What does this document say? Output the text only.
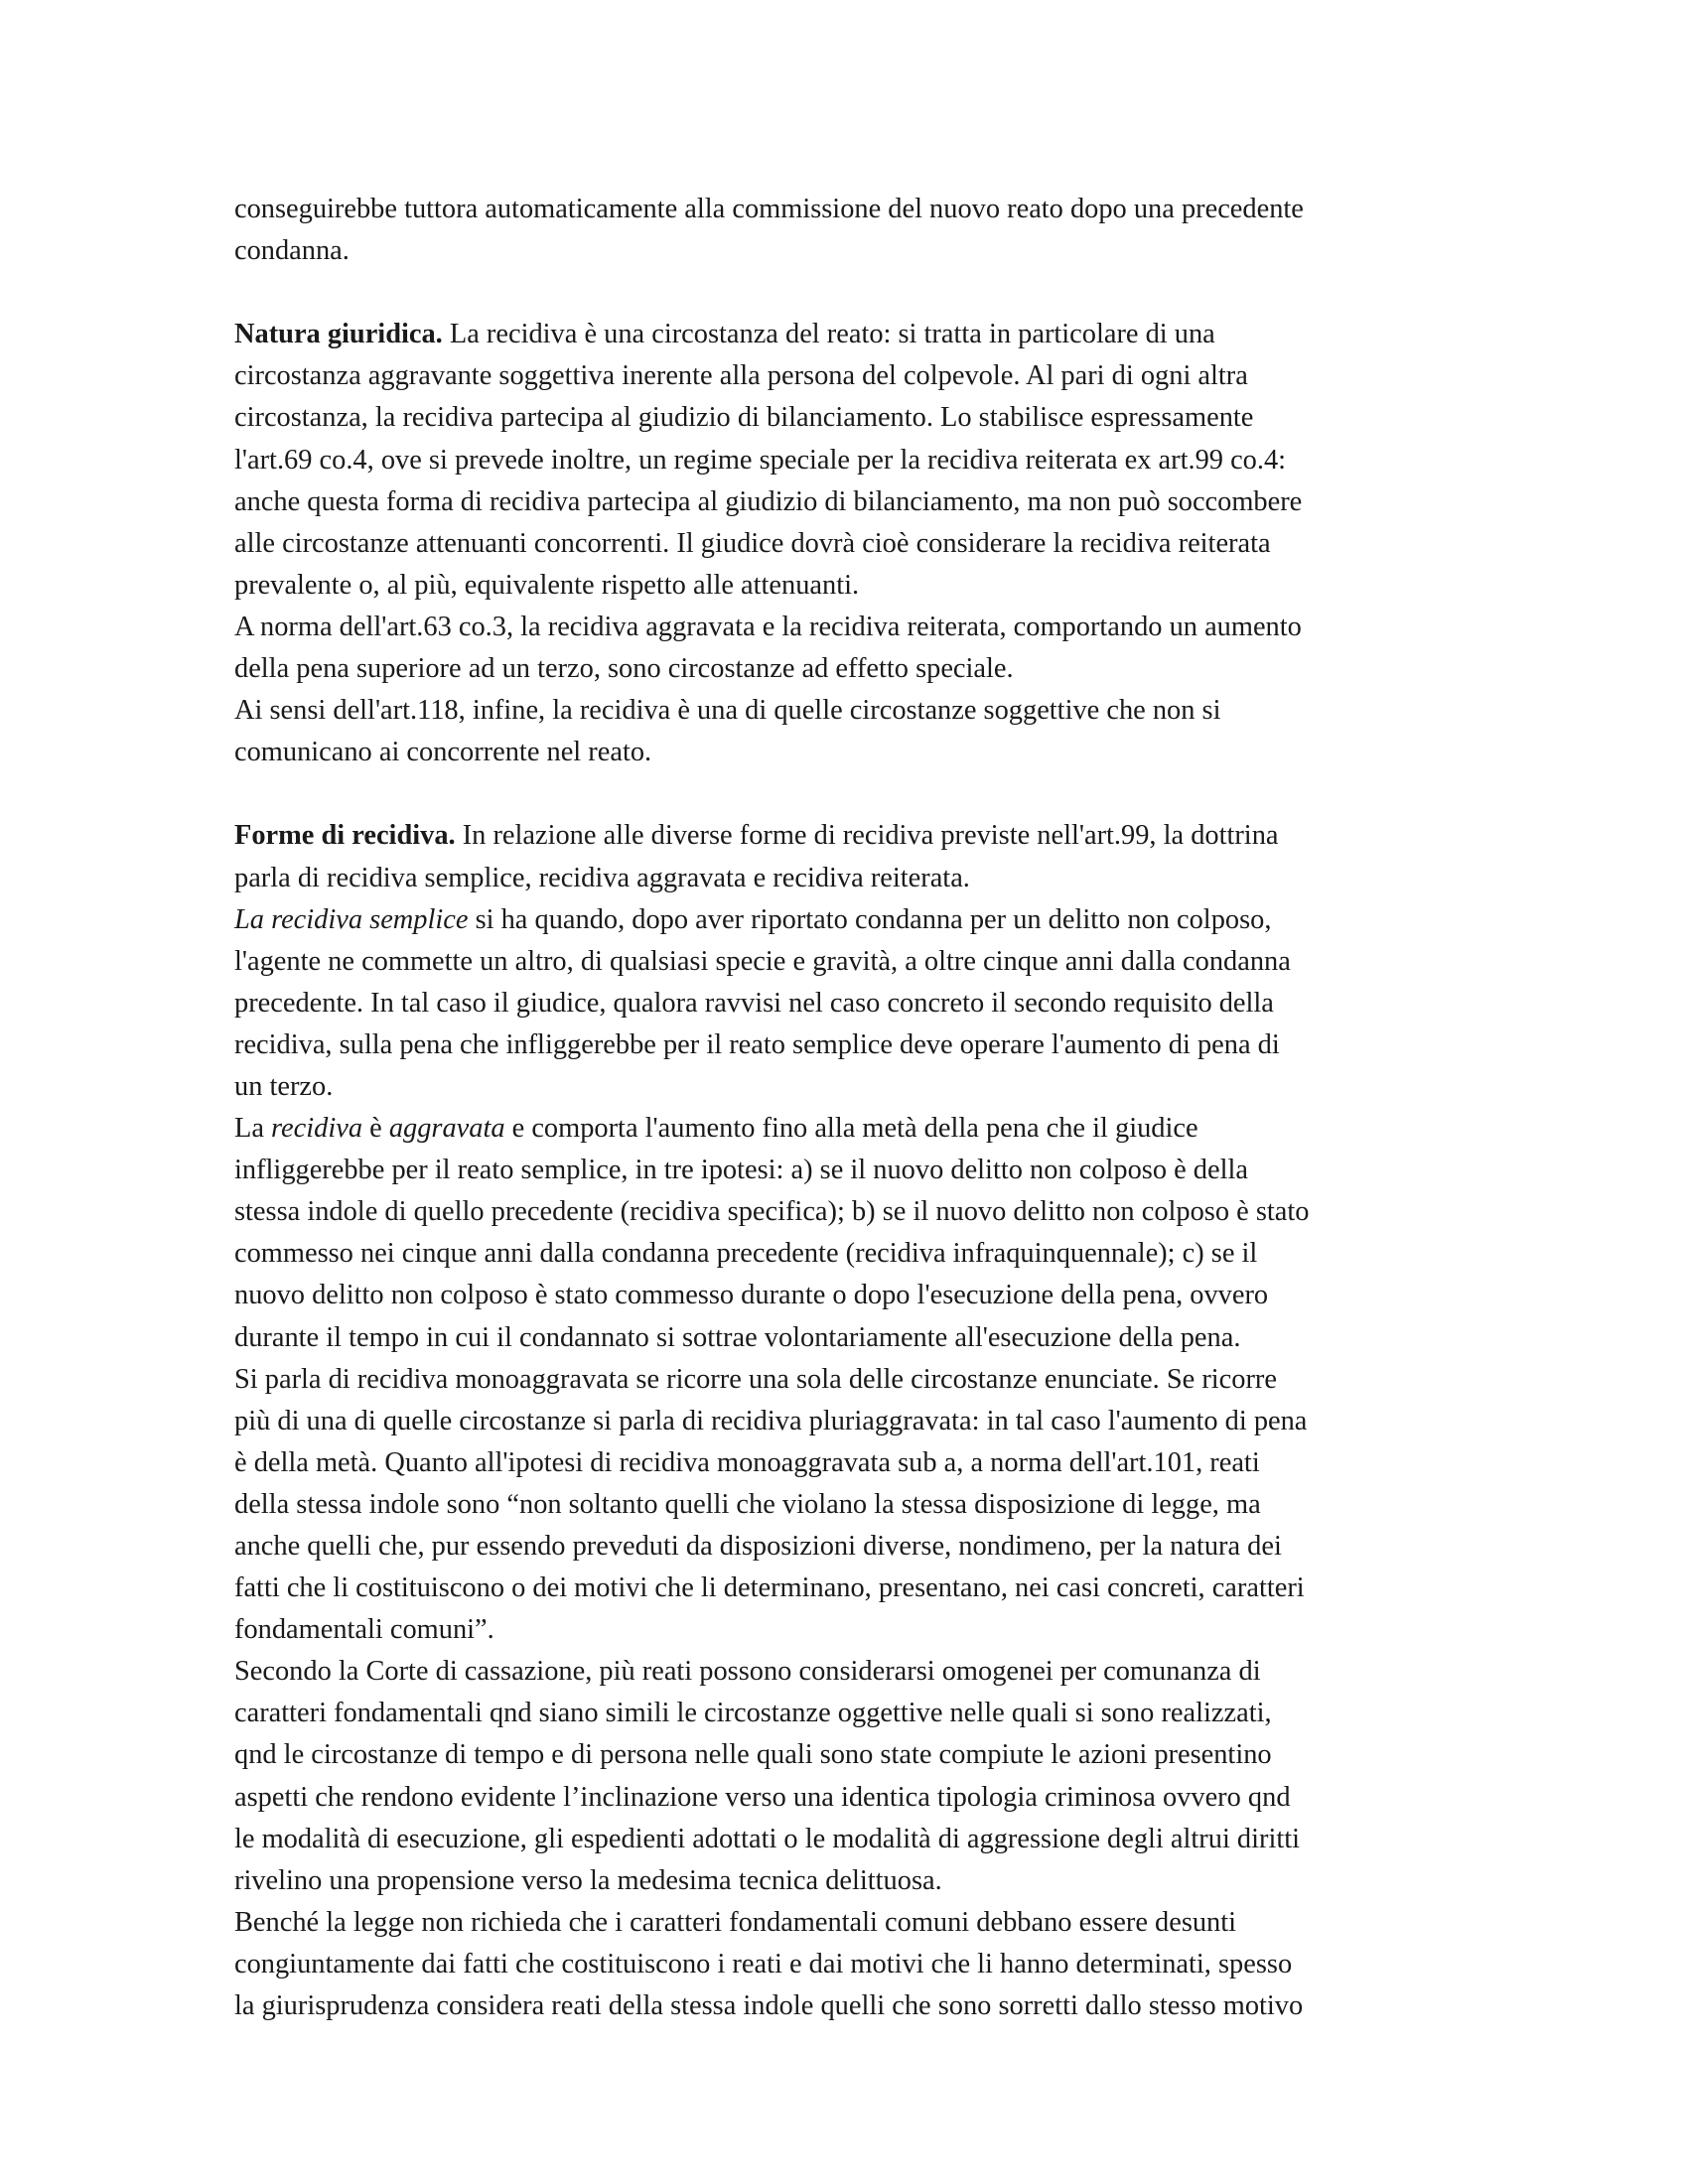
conseguirebbe tuttora automaticamente alla commissione del nuovo reato dopo una precedente
condanna.
Natura giuridica. La recidiva è una circostanza del reato: si tratta in particolare di una
circostanza aggravante soggettiva inerente alla persona del colpevole. Al pari di ogni altra
circostanza, la recidiva partecipa al giudizio di bilanciamento. Lo stabilisce espressamente
l'art.69 co.4, ove si prevede inoltre, un regime speciale per la recidiva reiterata ex art.99 co.4:
anche questa forma di recidiva partecipa al giudizio di bilanciamento, ma non può soccombere
alle circostanze attenuanti concorrenti. Il giudice dovrà cioè considerare la recidiva reiterata
prevalente o, al più, equivalente rispetto alle attenuanti.
A norma dell'art.63 co.3, la recidiva aggravata e la recidiva reiterata, comportando un aumento
della pena superiore ad un terzo, sono circostanze ad effetto speciale.
Ai sensi dell'art.118, infine, la recidiva è una di quelle circostanze soggettive che non si
comunicano ai concorrente nel reato.
Forme di recidiva. In relazione alle diverse forme di recidiva previste nell'art.99, la dottrina
parla di recidiva semplice, recidiva aggravata e recidiva reiterata.
La recidiva semplice si ha quando, dopo aver riportato condanna per un delitto non colposo,
l'agente ne commette un altro, di qualsiasi specie e gravità, a oltre cinque anni dalla condanna
precedente. In tal caso il giudice, qualora ravvisi nel caso concreto il secondo requisito della
recidiva, sulla pena che infliggerebbe per il reato semplice deve operare l'aumento di pena di
un terzo.
La recidiva è aggravata e comporta l'aumento fino alla metà della pena che il giudice
infliggerebbe per il reato semplice, in tre ipotesi: a) se il nuovo delitto non colposo è della
stessa indole di quello precedente (recidiva specifica); b) se il nuovo delitto non colposo è stato
commesso nei cinque anni dalla condanna precedente (recidiva infraquinquennale); c) se il
nuovo delitto non colposo è stato commesso durante o dopo l'esecuzione della pena, ovvero
durante il tempo in cui il condannato si sottrae volontariamente all'esecuzione della pena.
Si parla di recidiva monoaggravata se ricorre una sola delle circostanze enunciate. Se ricorre
più di una di quelle circostanze si parla di recidiva pluriaggravata: in tal caso l'aumento di pena
è della metà. Quanto all'ipotesi di recidiva monoaggravata sub a, a norma dell'art.101, reati
della stessa indole sono “non soltanto quelli che violano la stessa disposizione di legge, ma
anche quelli che, pur essendo preveduti da disposizioni diverse, nondimeno, per la natura dei
fatti che li costituiscono o dei motivi che li determinano, presentano, nei casi concreti, caratteri
fondamentali comuni”.
Secondo la Corte di cassazione, più reati possono considerarsi omogenei per comunanza di
caratteri fondamentali qnd siano simili le circostanze oggettive nelle quali si sono realizzati,
qnd le circostanze di tempo e di persona nelle quali sono state compiute le azioni presentino
aspetti che rendono evidente l’inclinazione verso una identica tipologia criminosa ovvero qnd
le modalità di esecuzione, gli espedienti adottati o le modalità di aggressione degli altrui diritti
rivelino una propensione verso la medesima tecnica delittuosa.
Benché la legge non richieda che i caratteri fondamentali comuni debbano essere desunti
congiuntamente dai fatti che costituiscono i reati e dai motivi che li hanno determinati, spesso
la giurisprudenza considera reati della stessa indole quelli che sono sorretti dallo stesso motivo
